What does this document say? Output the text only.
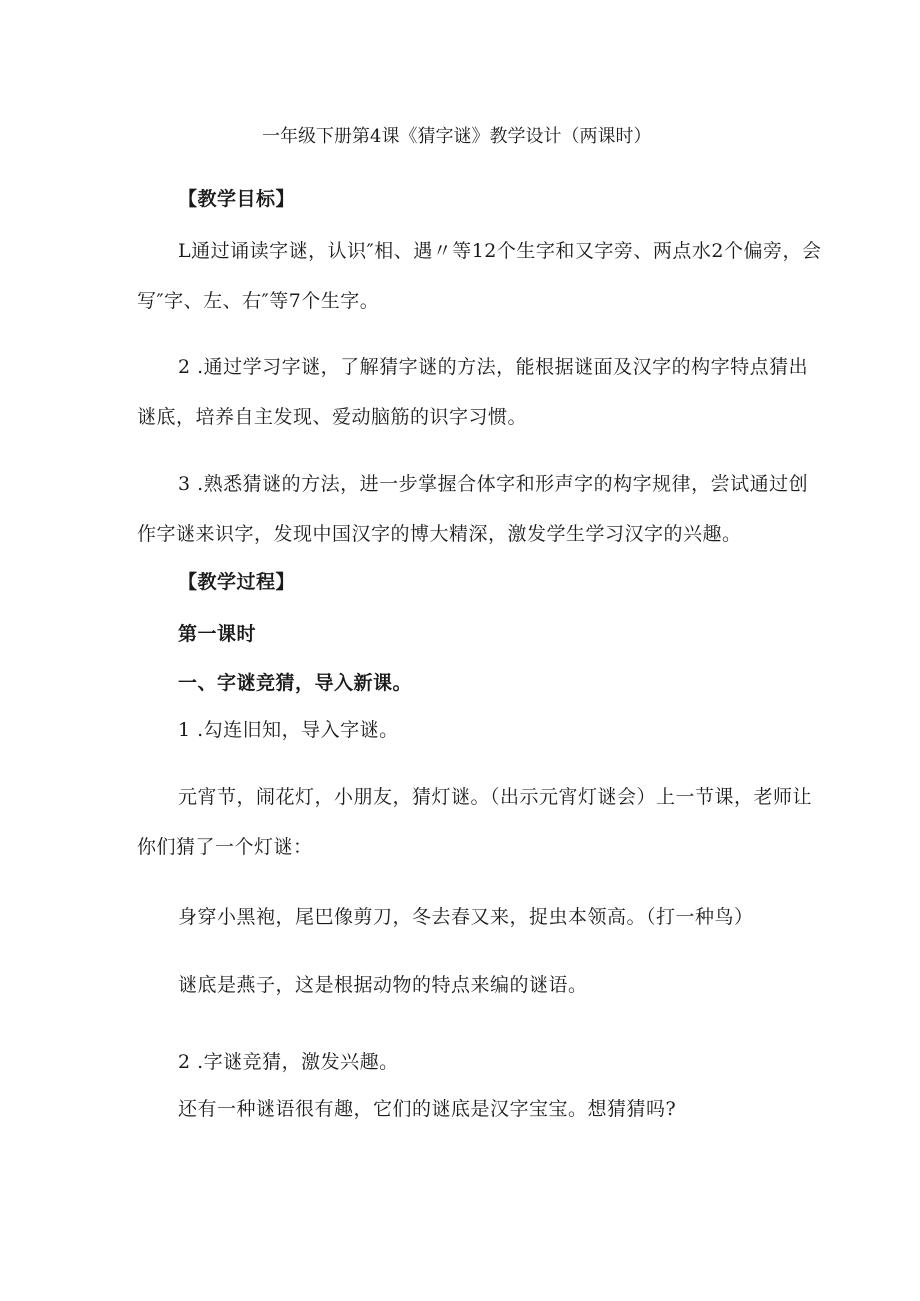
一年级下册第4课《猜字谜》教学设计（两课时）
【教学目标】
L通过诵读字谜，认识″相、遇〃等12个生字和又字旁、两点水2个偏旁，会
写″字、左、右″等7个生字。
2 .通过学习字谜，了解猜字谜的方法，能根据谜面及汉字的构字特点猜出
谜底，培养自主发现、爱动脑筋的识字习惯。
3 .熟悉猜谜的方法，进一步掌握合体字和形声字的构字规律，尝试通过创
作字谜来识字，发现中国汉字的博大精深，激发学生学习汉字的兴趣。
【教学过程】
第一课时
一、字谜竞猜，导入新课。
1 .勾连旧知，导入字谜。
元宵节，闹花灯，小朋友，猜灯谜。（出示元宵灯谜会）上一节课，老师让
你们猜了一个灯谜：
身穿小黑袍，尾巴像剪刀，冬去春又来，捉虫本领高。（打一种鸟）
谜底是燕子，这是根据动物的特点来编的谜语。
2 .字谜竞猜，激发兴趣。
还有一种谜语很有趣，它们的谜底是汉字宝宝。想猜猜吗?
